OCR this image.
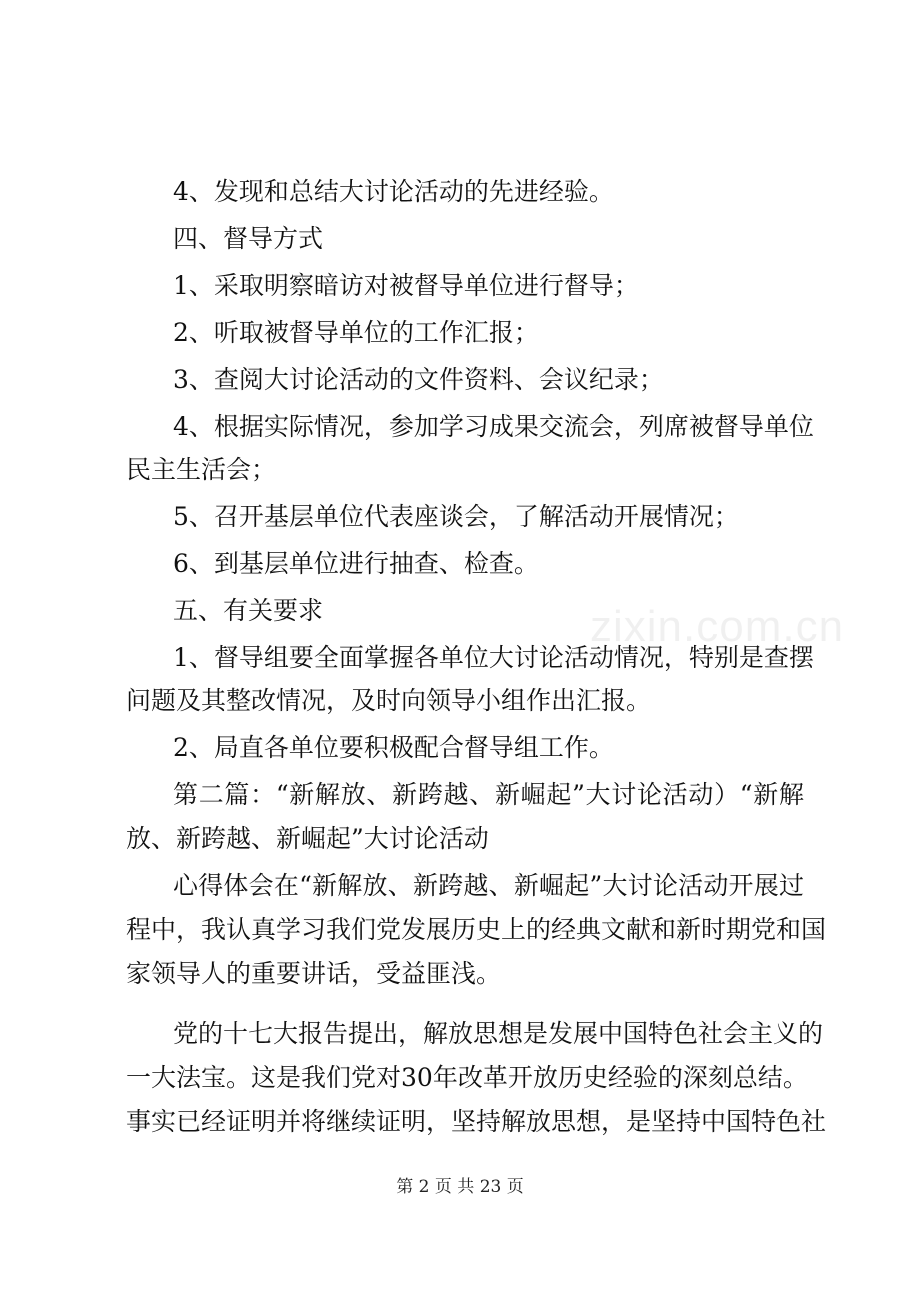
4、发现和总结大讨论活动的先进经验。
四、督导方式
1、采取明察暗访对被督导单位进行督导；
2、听取被督导单位的工作汇报；
3、查阅大讨论活动的文件资料、会议纪录；
4、根据实际情况，参加学习成果交流会，列席被督导单位
民主生活会；
5、召开基层单位代表座谈会，了解活动开展情况；
6、到基层单位进行抽查、检查。
五、有关要求
1、督导组要全面掌握各单位大讨论活动情况，特别是查摆
问题及其整改情况，及时向领导小组作出汇报。
2、局直各单位要积极配合督导组工作。
第二篇：“新解放、新跨越、新崛起”大讨论活动）“新解
放、新跨越、新崛起”大讨论活动
心得体会在“新解放、新跨越、新崛起”大讨论活动开展过
程中，我认真学习我们党发展历史上的经典文献和新时期党和国
家领导人的重要讲话，受益匪浅。
党的十七大报告提出，解放思想是发展中国特色社会主义的
一大法宝。这是我们党对30年改革开放历史经验的深刻总结。
事实已经证明并将继续证明，坚持解放思想，是坚持中国特色社
zixin.com.cn
第 2 页 共 23 页
